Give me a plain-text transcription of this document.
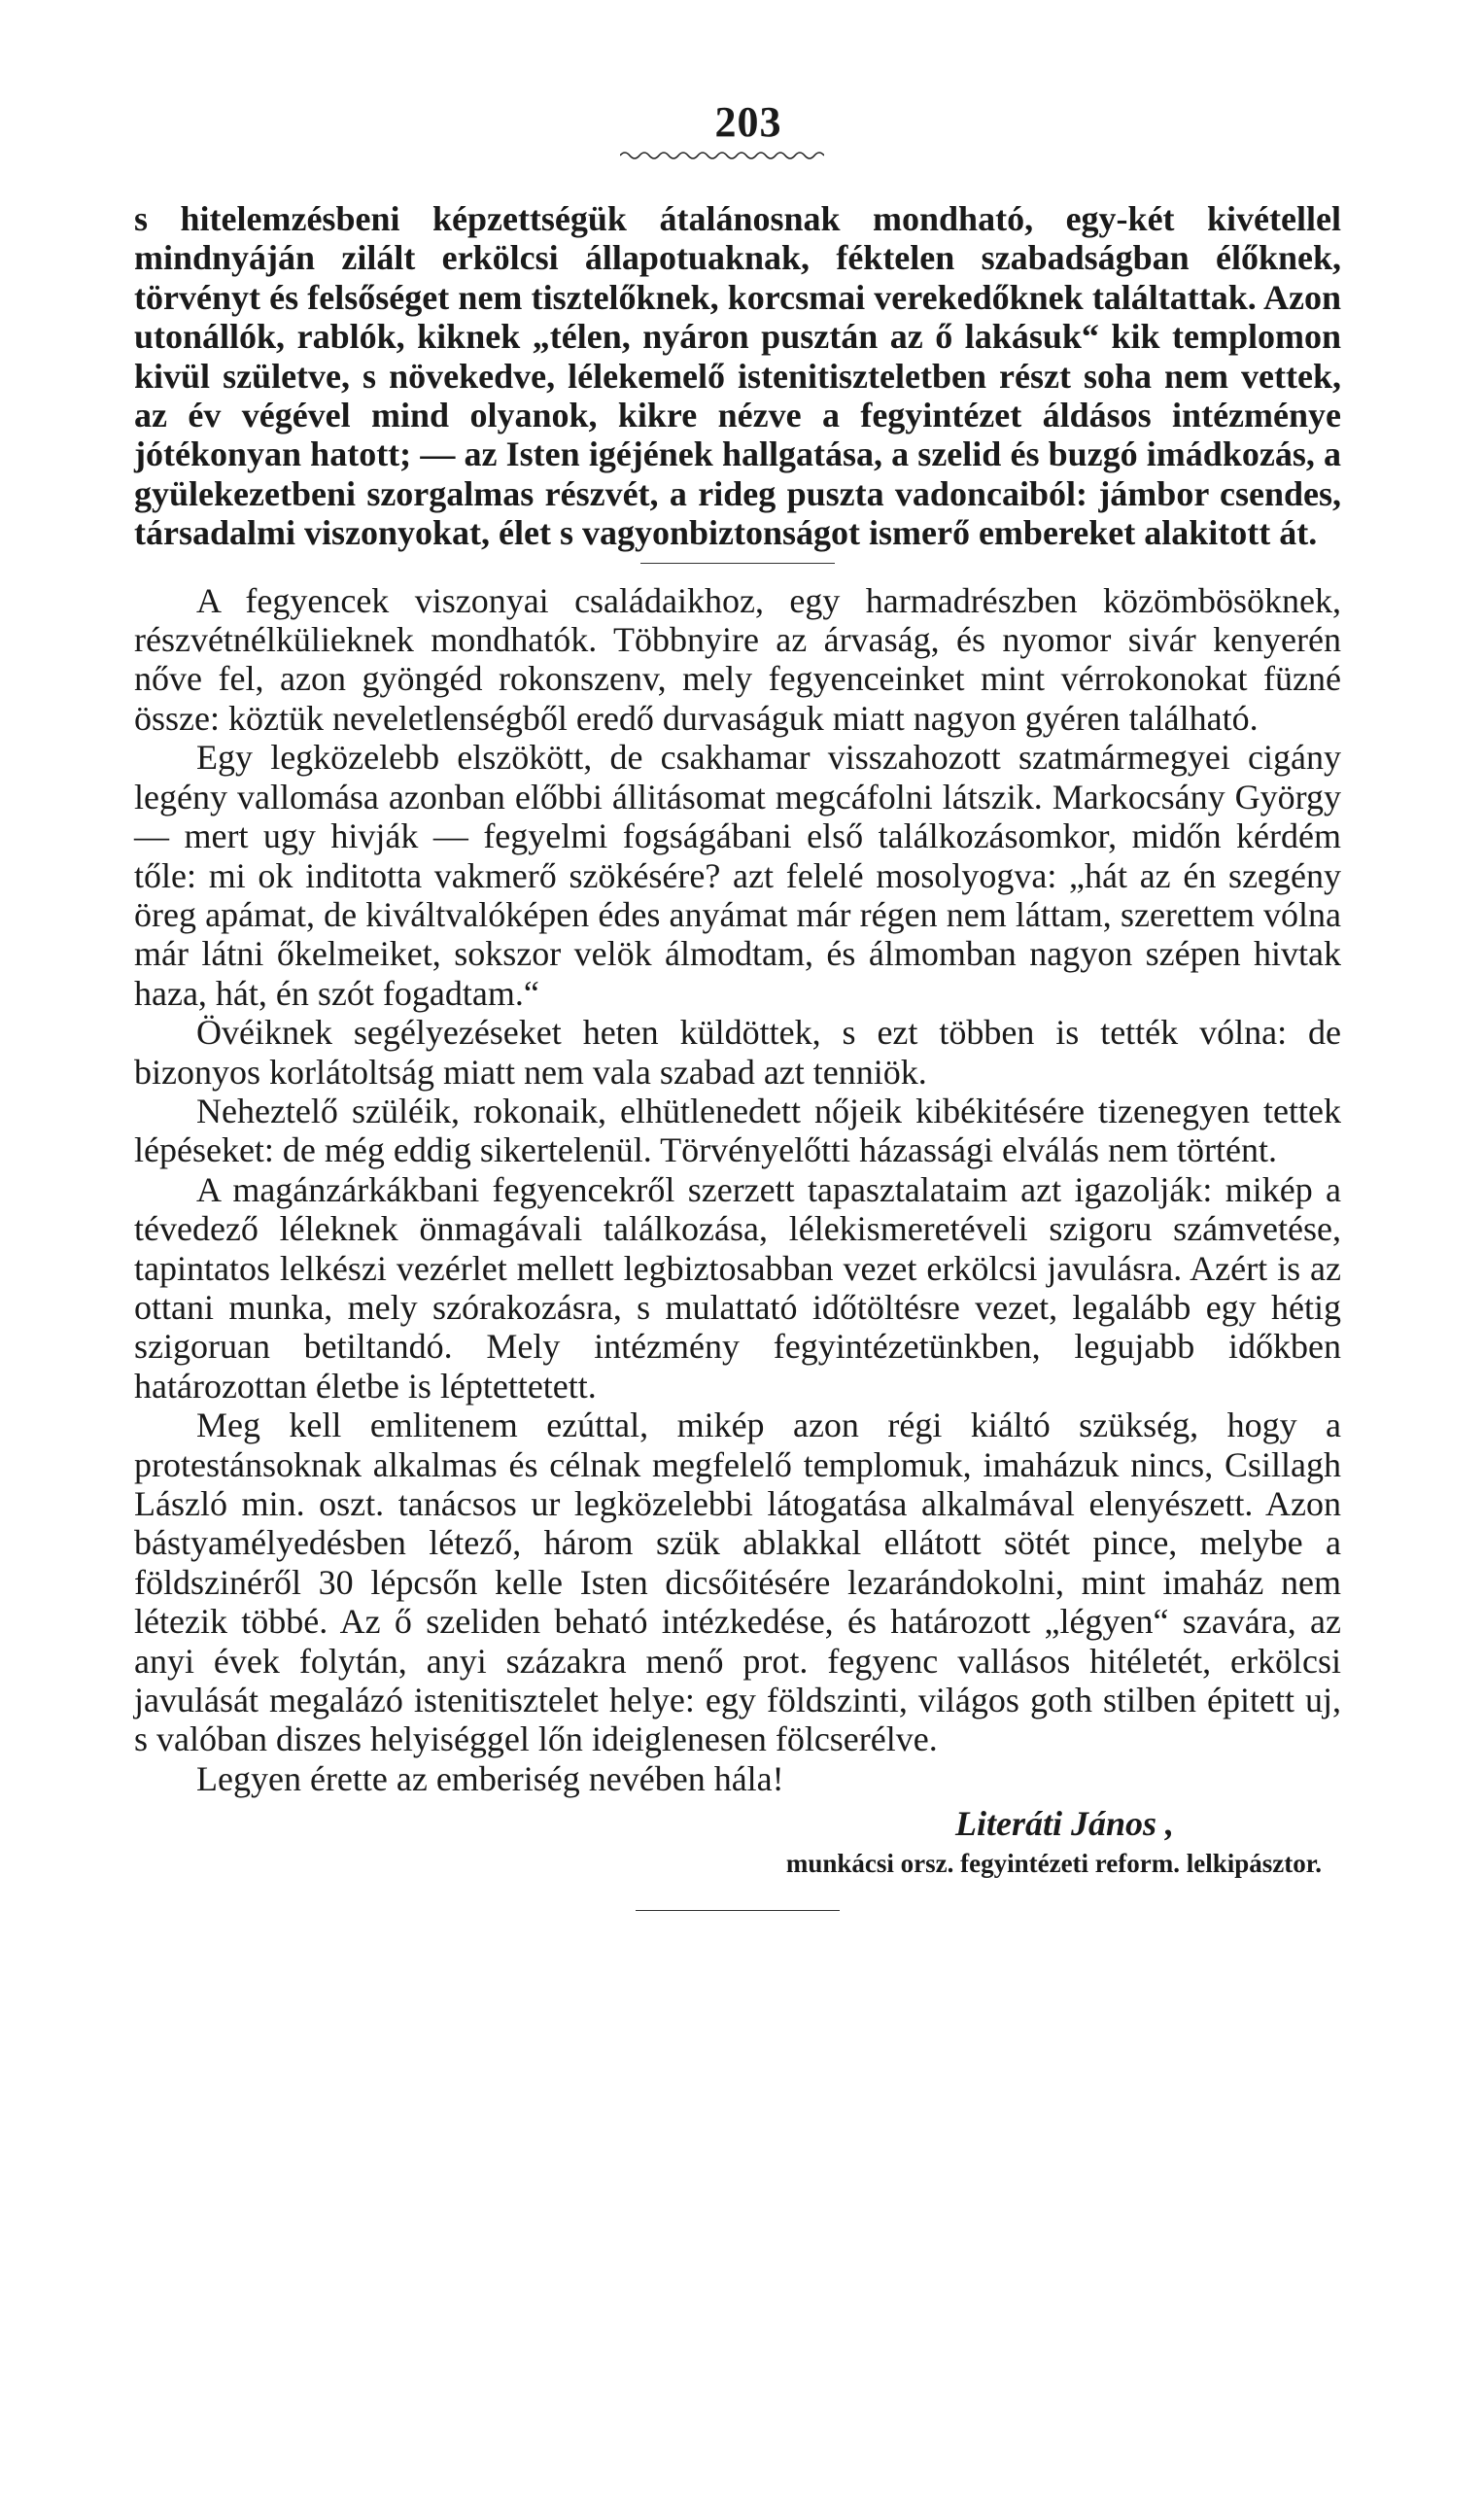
203

s hitelemzésbeni képzettségük átalánosnak mondható, egy-két kivétellel mindnyáján zilált erkölcsi állapotuaknak, féktelen szabadságban élőknek, törvényt és felsőséget nem tisztelőknek, korcsmai verekedőknek találtattak. Azon utonállók, rablók, kiknek „télen, nyáron pusztán az ő lakásuk“ kik templomon kivül születve, s növekedve, lélekemelő istenitiszteletben részt soha nem vettek, az év végével mind olyanok, kikre nézve a fegyintézet áldásos intézménye jótékonyan hatott; — az Isten igéjének hallgatása, a szelid és buzgó imádkozás, a gyülekezetbeni szorgalmas részvét, a rideg puszta vadoncaiból: jámbor csendes, társadalmi viszonyokat, élet s vagyonbiztonságot ismerő embereket alakitott át.

A fegyencek viszonyai családaikhoz, egy harmadrészben közömbösöknek, részvétnélkülieknek mondhatók. Többnyire az árvaság, és nyomor sivár kenyerén nőve fel, azon gyöngéd rokonszenv, mely fegyenceinket mint vérrokonokat füzné össze: köztük neveletlenségből eredő durvaságuk miatt nagyon gyéren található.

Egy legközelebb elszökött, de csakhamar visszahozott szatmármegyei cigány legény vallomása azonban előbbi állitásomat megcáfolni látszik. Markocsány György — mert ugy hivják — fegyelmi fogságábani első találkozásomkor, midőn kérdém tőle: mi ok inditotta vakmerő szökésére? azt felelé mosolyogva: „hát az én szegény öreg apámat, de kiváltvalóképen édes anyámat már régen nem láttam, szerettem vólna már látni őkelmeiket, sokszor velök álmodtam, és álmomban nagyon szépen hivtak haza, hát, én szót fogadtam.“

Övéiknek segélyezéseket heten küldöttek, s ezt többen is tették vólna: de bizonyos korlátoltság miatt nem vala szabad azt tenniök.

Neheztelő szüléik, rokonaik, elhütlenedett nőjeik kibékitésére tizenegyen tettek lépéseket: de még eddig sikertelenül. Törvényelőtti házassági elválás nem történt.

A magánzárkákbani fegyencekről szerzett tapasztalataim azt igazolják: mikép a tévedező léleknek önmagávali találkozása, lélekismeretéveli szigoru számvetése, tapintatos lelkészi vezérlet mellett legbiztosabban vezet erkölcsi javulásra. Azért is az ottani munka, mely szórakozásra, s mulattató időtöltésre vezet, legalább egy hétig szigoruan betiltandó. Mely intézmény fegyintézetünkben, legujabb időkben határozottan életbe is léptettetett.

Meg kell emlitenem ezúttal, mikép azon régi kiáltó szükség, hogy a protestánsoknak alkalmas és célnak megfelelő templomuk, imaházuk nincs, Csillagh László min. oszt. tanácsos ur legközelebbi látogatása alkalmával elenyészett. Azon bástyamélyedésben létező, három szük ablakkal ellátott sötét pince, melybe a földszinéről 30 lépcsőn kelle Isten dicsőitésére lezarándokolni, mint imaház nem létezik többé. Az ő szeliden beható intézkedése, és határozott „légyen“ szavára, az anyi évek folytán, anyi százakra menő prot. fegyenc vallásos hitéletét, erkölcsi javulását megalázó istenitisztelet helye: egy földszinti, világos goth stilben épitett uj, s valóban diszes helyiséggel lőn ideiglenesen fölcserélve.

Legyen érette az emberiség nevében hála!

Literáti János ,
munkácsi orsz. fegyintézeti reform. lelkipásztor.
